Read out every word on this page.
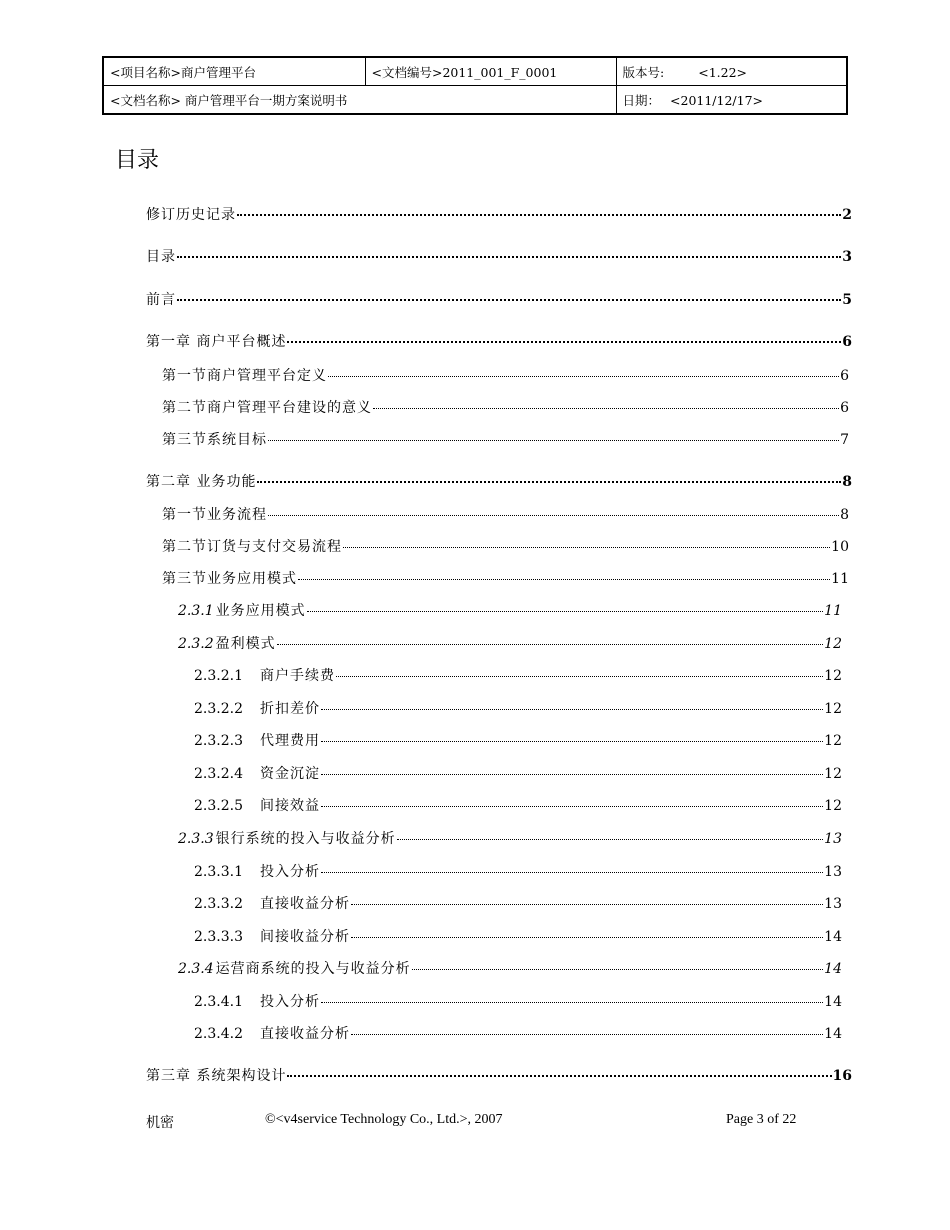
<项目名称>商户管理平台	<文档编号>2011_001_F_0001	版本号: <1.22>
<文档名称> 商户管理平台一期方案说明书		日期： <2011/12/17>
目录
修订历史记录	2
目录	3
前言	5
第一章 商户平台概述	6
第一节商户管理平台定义	6
第二节商户管理平台建设的意义	6
第三节系统目标	7
第二章 业务功能	8
第一节业务流程	8
第二节订货与支付交易流程	10
第三节业务应用模式	11
2.3.1 业务应用模式	11
2.3.2 盈利模式	12
2.3.2.1	商户手续费	12
2.3.2.2	折扣差价	12
2.3.2.3	代理费用	12
2.3.2.4	资金沉淀	12
2.3.2.5	间接效益	12
2.3.3 银行系统的投入与收益分析	13
2.3.3.1	投入分析	13
2.3.3.2	直接收益分析	13
2.3.3.3	间接收益分析	14
2.3.4 运营商系统的投入与收益分析	14
2.3.4.1	投入分析	14
2.3.4.2	直接收益分析	14
第三章 系统架构设计	16
机密	©<v4service Technology Co., Ltd.>, 2007	Page 3 of 22
